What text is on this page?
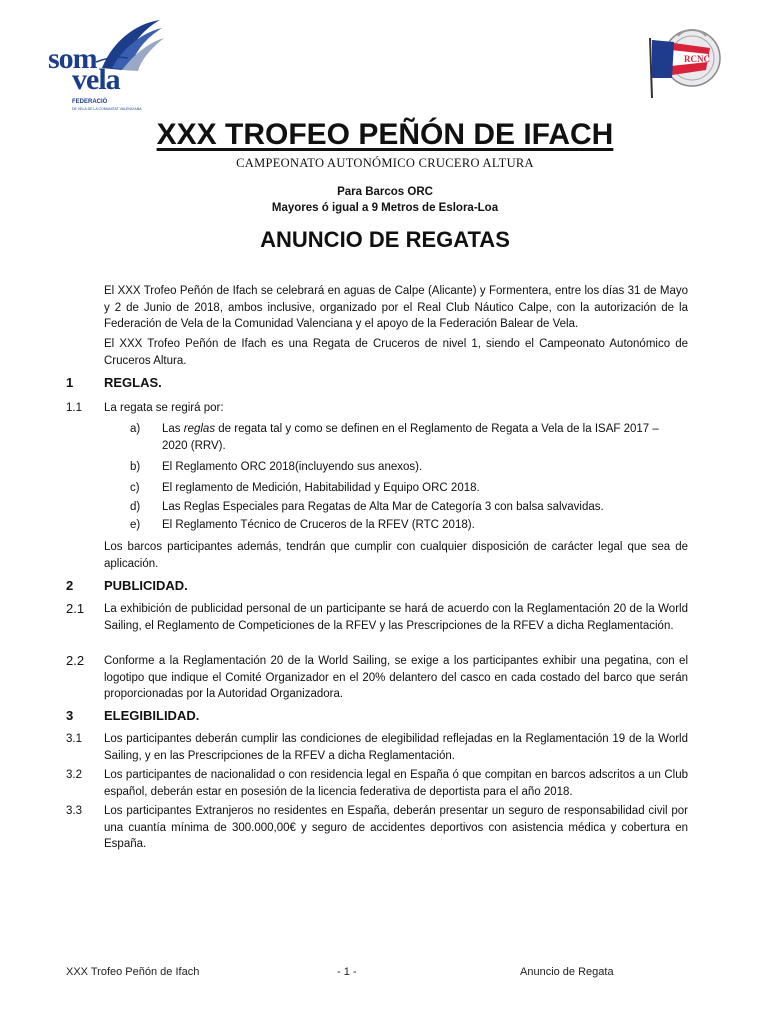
som
vela
FEDERACIÓ
DE VELA DE LA COMUNITAT VALENCIANA
RCNC
XXX TROFEO PEÑÓN DE IFACH
CAMPEONATO AUTONÓMICO CRUCERO ALTURA
Para Barcos ORC
Mayores ó igual a 9 Metros de Eslora-Loa
ANUNCIO DE REGATAS
El XXX Trofeo Peñón de Ifach se celebrará en aguas de Calpe (Alicante) y Formentera, entre los días 31 de Mayo y 2 de Junio de 2018, ambos inclusive, organizado por el Real Club Náutico Calpe, con la autorización de la Federación de Vela de la Comunidad Valenciana y el apoyo de la Federación Balear de Vela.
El XXX Trofeo Peñón de Ifach es una Regata de Cruceros de nivel 1, siendo el Campeonato Autonómico de Cruceros Altura.
1 REGLAS.
1.1 La regata se regirá por:
a) Las reglas de regata tal y como se definen en el Reglamento de Regata a Vela de la ISAF 2017 – 2020 (RRV).
b) El Reglamento ORC 2018(incluyendo sus anexos).
c) El reglamento de Medición, Habitabilidad y Equipo ORC 2018.
d) Las Reglas Especiales para Regatas de Alta Mar de Categoría 3 con balsa salvavidas.
e) El Reglamento Técnico de Cruceros de la RFEV (RTC 2018).
Los barcos participantes además, tendrán que cumplir con cualquier disposición de carácter legal que sea de aplicación.
2 PUBLICIDAD.
2.1 La exhibición de publicidad personal de un participante se hará de acuerdo con la Reglamentación 20 de la World Sailing, el Reglamento de Competiciones de la RFEV y las Prescripciones de la RFEV a dicha Reglamentación.
2.2 Conforme a la Reglamentación 20 de la World Sailing, se exige a los participantes exhibir una pegatina, con el logotipo que indique el Comité Organizador en el 20% delantero del casco en cada costado del barco que serán proporcionadas por la Autoridad Organizadora.
3 ELEGIBILIDAD.
3.1 Los participantes deberán cumplir las condiciones de elegibilidad reflejadas en la Reglamentación 19 de la World Sailing, y en las Prescripciones de la RFEV a dicha Reglamentación.
3.2 Los participantes de nacionalidad o con residencia legal en España ó que compitan en barcos adscritos a un Club español, deberán estar en posesión de la licencia federativa de deportista para el año 2018.
3.3 Los participantes Extranjeros no residentes en España, deberán presentar un seguro de responsabilidad civil por una cuantía mínima de 300.000,00€ y seguro de accidentes deportivos con asistencia médica y cobertura en España.
XXX Trofeo Peñón de Ifach	- 1 -	Anuncio de Regata
